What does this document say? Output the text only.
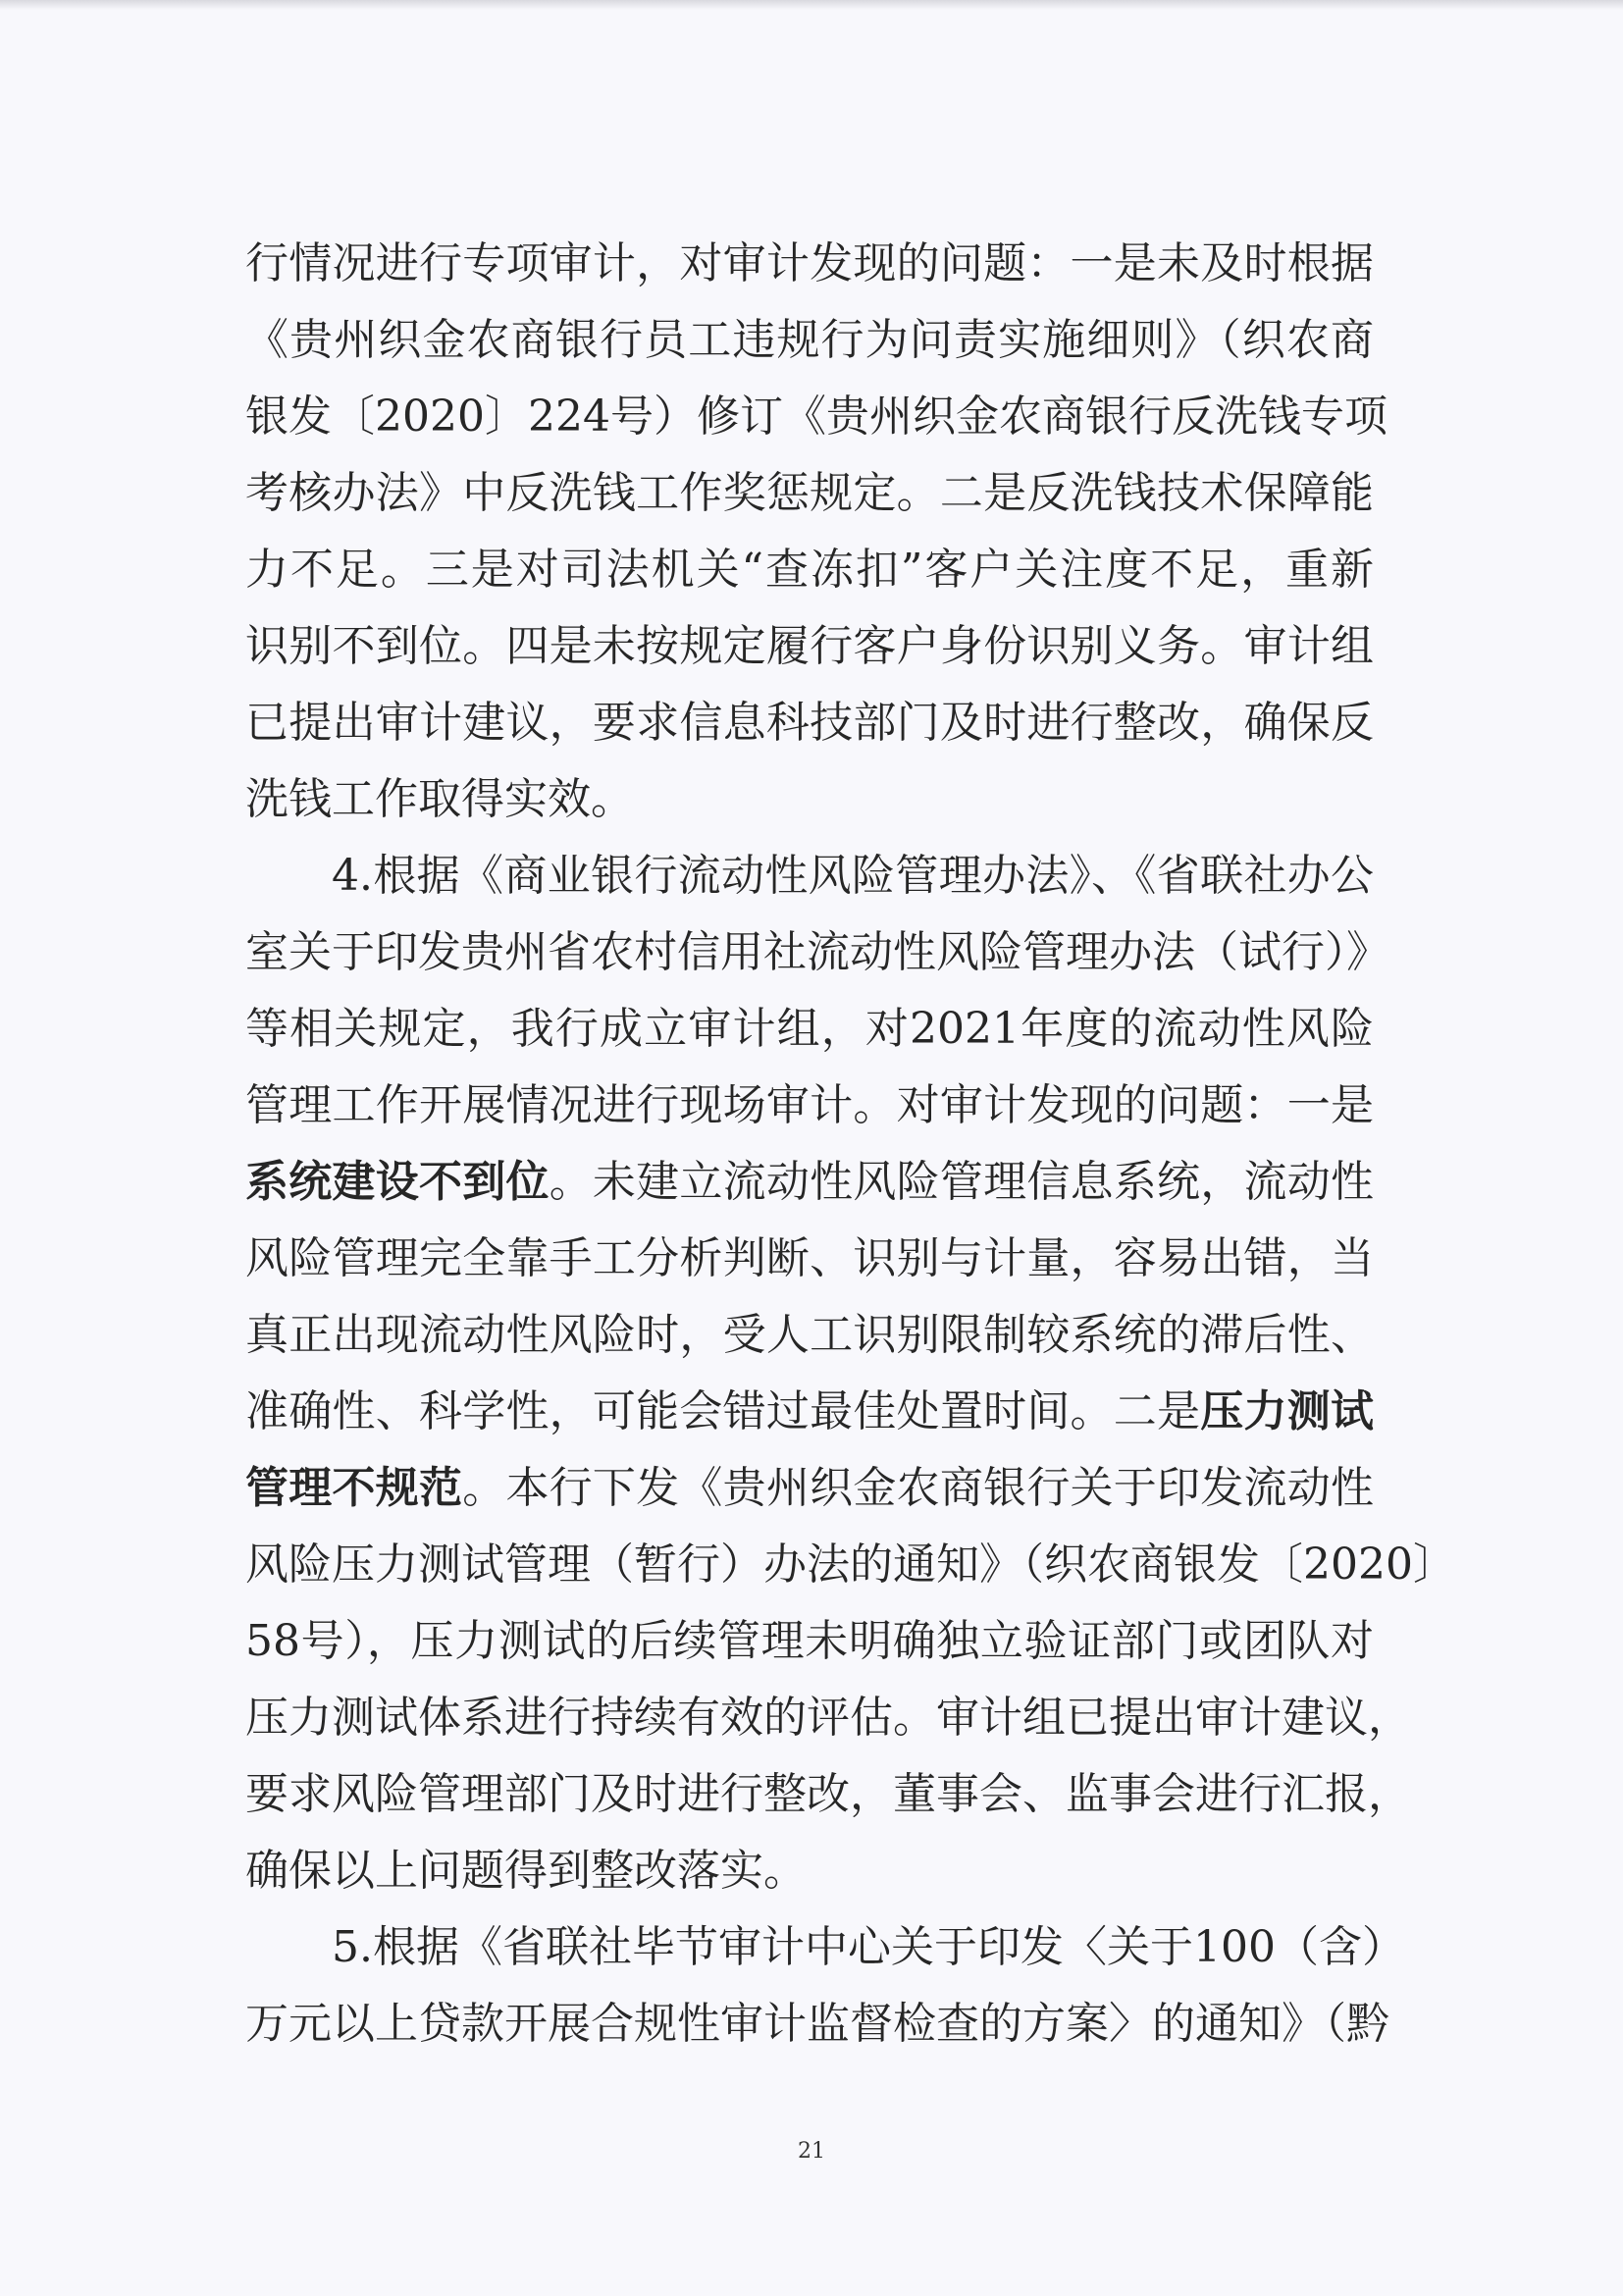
行情况进行专项审计，对审计发现的问题：一是未及时根据
《贵州织金农商银行员工违规行为问责实施细则》（织农商
银发〔2020〕224号）修订《贵州织金农商银行反洗钱专项
考核办法》中反洗钱工作奖惩规定。二是反洗钱技术保障能
力不足。三是对司法机关“查冻扣”客户关注度不足，重新
识别不到位。四是未按规定履行客户身份识别义务。审计组
已提出审计建议，要求信息科技部门及时进行整改，确保反
洗钱工作取得实效。
4.根据《商业银行流动性风险管理办法》、《省联社办公
室关于印发贵州省农村信用社流动性风险管理办法（试行）》
等相关规定，我行成立审计组，对2021年度的流动性风险
管理工作开展情况进行现场审计。对审计发现的问题：一是
系统建设不到位。未建立流动性风险管理信息系统，流动性
风险管理完全靠手工分析判断、识别与计量，容易出错，当
真正出现流动性风险时，受人工识别限制较系统的滞后性、
准确性、科学性，可能会错过最佳处置时间。二是压力测试
管理不规范。本行下发《贵州织金农商银行关于印发流动性
风险压力测试管理（暂行）办法的通知》（织农商银发〔2020〕
58号），压力测试的后续管理未明确独立验证部门或团队对
压力测试体系进行持续有效的评估。审计组已提出审计建议，
要求风险管理部门及时进行整改，董事会、监事会进行汇报，
确保以上问题得到整改落实。
5.根据《省联社毕节审计中心关于印发〈关于100（含）
万元以上贷款开展合规性审计监督检查的方案〉的通知》（黔
21
